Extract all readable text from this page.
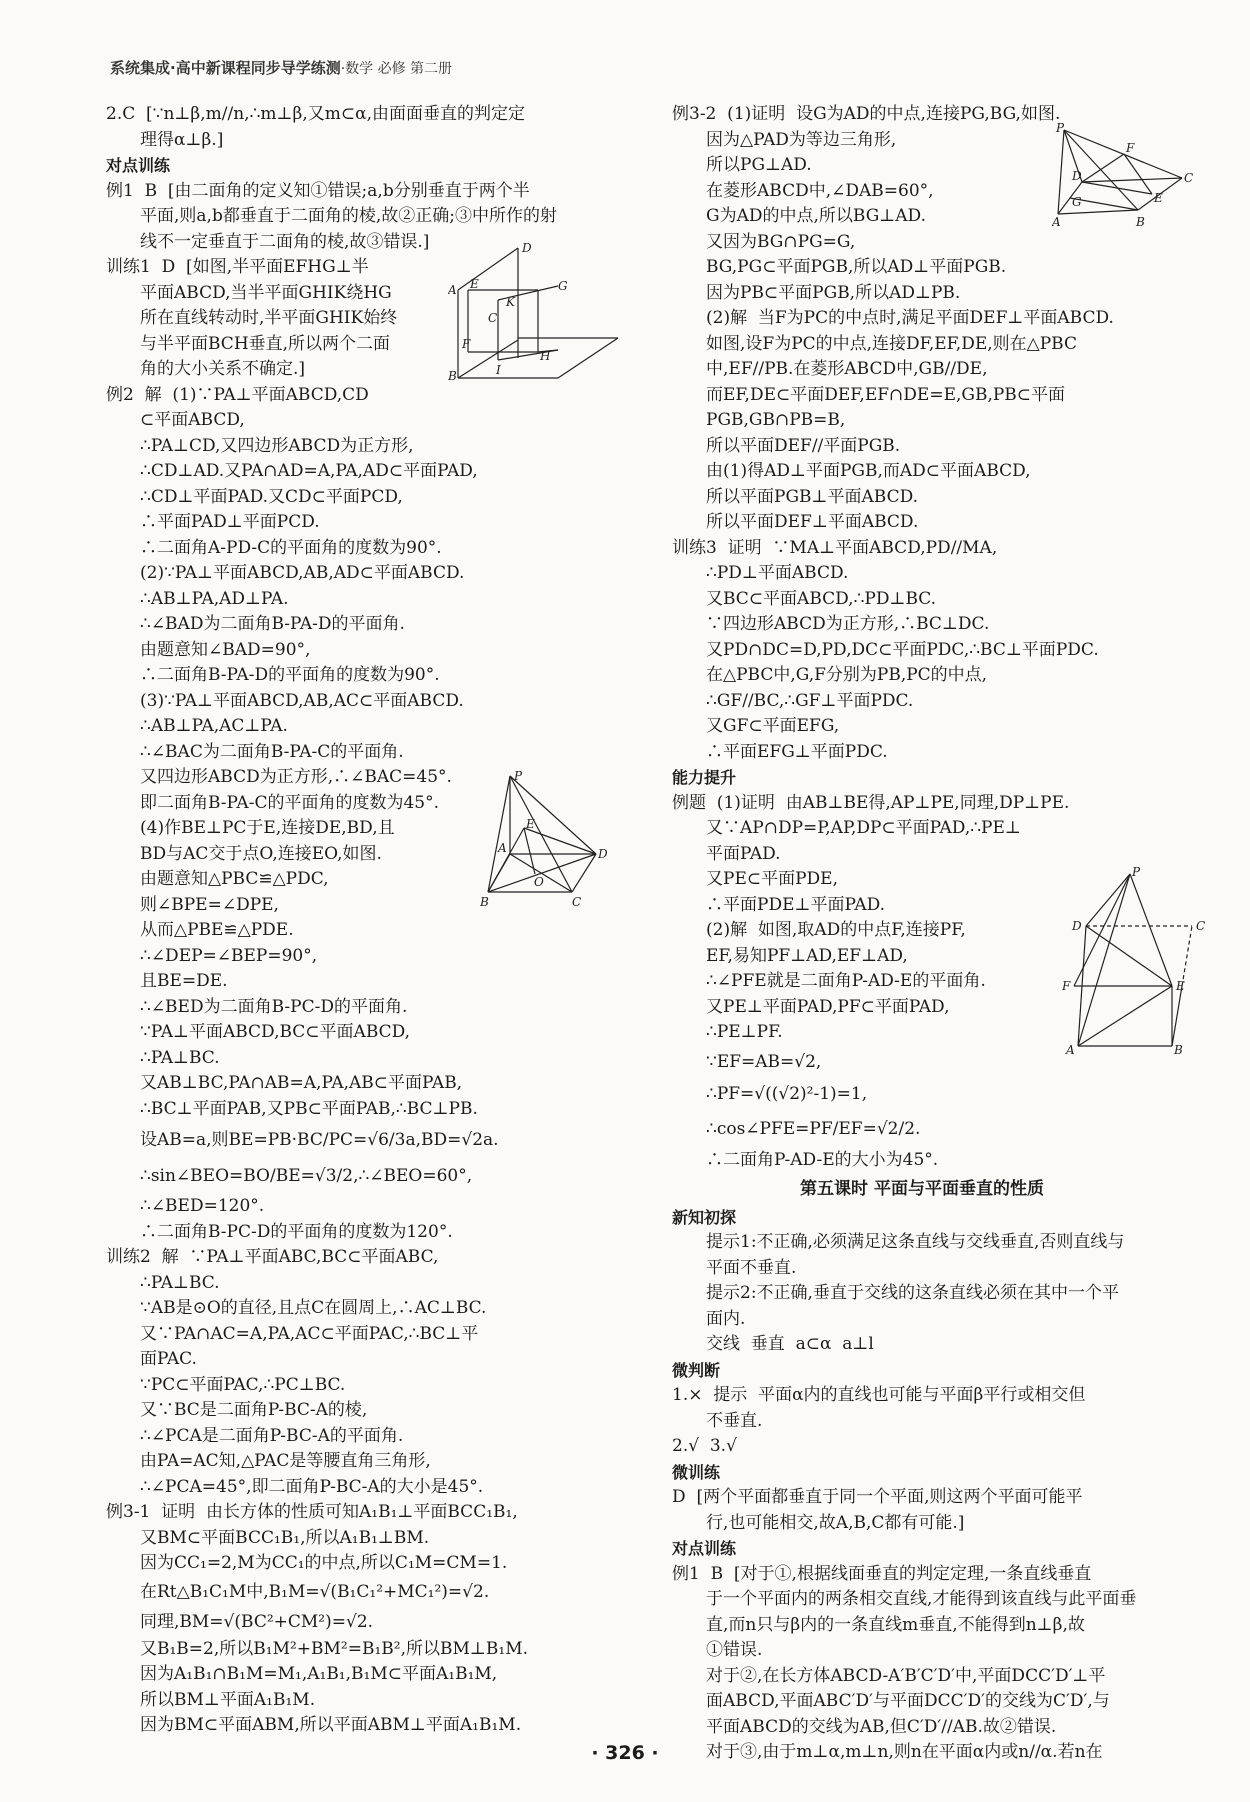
系统集成·高中新课程同步导学练测·数学 必修 第二册

2.C  [∵n⊥β,m//n,∴m⊥β,又m⊂α,由面面垂直的判定定

理得α⊥β.]

对点训练

例1  B  [由二面角的定义知①错误;a,b分别垂直于两个半

平面,则a,b都垂直于二面角的棱,故②正确;③中所作的射

线不一定垂直于二面角的棱,故③错误.]

训练1  D  [如图,半平面EFHG⊥半

平面ABCD,当半平面GHIK绕HG

所在直线转动时,半平面GHIK始终

与半平面BCH垂直,所以两个二面

角的大小关系不确定.]

例2  解  (1)∵PA⊥平面ABCD,CD

⊂平面ABCD,

∴PA⊥CD,又四边形ABCD为正方形,

∴CD⊥AD.又PA∩AD=A,PA,AD⊂平面PAD,

∴CD⊥平面PAD.又CD⊂平面PCD,

∴平面PAD⊥平面PCD.

∴二面角A-PD-C的平面角的度数为90°.

(2)∵PA⊥平面ABCD,AB,AD⊂平面ABCD.

∴AB⊥PA,AD⊥PA.

∴∠BAD为二面角B-PA-D的平面角.

由题意知∠BAD=90°,

∴二面角B-PA-D的平面角的度数为90°.

(3)∵PA⊥平面ABCD,AB,AC⊂平面ABCD.

∴AB⊥PA,AC⊥PA.

∴∠BAC为二面角B-PA-C的平面角.

又四边形ABCD为正方形,∴∠BAC=45°.

即二面角B-PA-C的平面角的度数为45°.

(4)作BE⊥PC于E,连接DE,BD,且

BD与AC交于点O,连接EO,如图.

由题意知△PBC≌△PDC,

则∠BPE=∠DPE,

从而△PBE≌△PDE.

∴∠DEP=∠BEP=90°,

且BE=DE.

∴∠BED为二面角B-PC-D的平面角.

∵PA⊥平面ABCD,BC⊂平面ABCD,

∴PA⊥BC.

又AB⊥BC,PA∩AB=A,PA,AB⊂平面PAB,

∴BC⊥平面PAB,又PB⊂平面PAB,∴BC⊥PB.

设AB=a,则BE=PB·BC/PC=√6/3a,BD=√2a.

∴sin∠BEO=BO/BE=√3/2,∴∠BEO=60°,

∴∠BED=120°.

∴二面角B-PC-D的平面角的度数为120°.

训练2  解  ∵PA⊥平面ABC,BC⊂平面ABC,

∴PA⊥BC.

∵AB是⊙O的直径,且点C在圆周上,∴AC⊥BC.

又∵PA∩AC=A,PA,AC⊂平面PAC,∴BC⊥平

面PAC.

∵PC⊂平面PAC,∴PC⊥BC.

又∵BC是二面角P-BC-A的棱,

∴∠PCA是二面角P-BC-A的平面角.

由PA=AC知,△PAC是等腰直角三角形,

∴∠PCA=45°,即二面角P-BC-A的大小是45°.

例3-1  证明  由长方体的性质可知A₁B₁⊥平面BCC₁B₁,

又BM⊂平面BCC₁B₁,所以A₁B₁⊥BM.

因为CC₁=2,M为CC₁的中点,所以C₁M=CM=1.

在Rt△B₁C₁M中,B₁M=√(B₁C₁²+MC₁²)=√2.

同理,BM=√(BC²+CM²)=√2.

又B₁B=2,所以B₁M²+BM²=B₁B²,所以BM⊥B₁M.

因为A₁B₁∩B₁M=M₁,A₁B₁,B₁M⊂平面A₁B₁M,

所以BM⊥平面A₁B₁M.

因为BM⊂平面ABM,所以平面ABM⊥平面A₁B₁M.

例3-2  (1)证明  设G为AD的中点,连接PG,BG,如图.

因为△PAD为等边三角形,

所以PG⊥AD.

在菱形ABCD中,∠DAB=60°,

G为AD的中点,所以BG⊥AD.

又因为BG∩PG=G,

BG,PG⊂平面PGB,所以AD⊥平面PGB.

因为PB⊂平面PGB,所以AD⊥PB.

(2)解  当F为PC的中点时,满足平面DEF⊥平面ABCD.

如图,设F为PC的中点,连接DF,EF,DE,则在△PBC

中,EF//PB.在菱形ABCD中,GB//DE,

而EF,DE⊂平面DEF,EF∩DE=E,GB,PB⊂平面

PGB,GB∩PB=B,

所以平面DEF//平面PGB.

由(1)得AD⊥平面PGB,而AD⊂平面ABCD,

所以平面PGB⊥平面ABCD.

所以平面DEF⊥平面ABCD.

训练3  证明  ∵MA⊥平面ABCD,PD//MA,

∴PD⊥平面ABCD.

又BC⊂平面ABCD,∴PD⊥BC.

∵四边形ABCD为正方形,∴BC⊥DC.

又PD∩DC=D,PD,DC⊂平面PDC,∴BC⊥平面PDC.

在△PBC中,G,F分别为PB,PC的中点,

∴GF//BC,∴GF⊥平面PDC.

又GF⊂平面EFG,

∴平面EFG⊥平面PDC.

能力提升

例题  (1)证明  由AB⊥BE得,AP⊥PE,同理,DP⊥PE.

又∵AP∩DP=P,AP,DP⊂平面PAD,∴PE⊥

平面PAD.

又PE⊂平面PDE,

∴平面PDE⊥平面PAD.

(2)解  如图,取AD的中点F,连接PF,

EF,易知PF⊥AD,EF⊥AD,

∴∠PFE就是二面角P-AD-E的平面角.

又PE⊥平面PAD,PF⊂平面PAD,

∴PE⊥PF.

∵EF=AB=√2,

∴PF=√((√2)²-1)=1,

∴cos∠PFE=PF/EF=√2/2.

∴二面角P-AD-E的大小为45°.

第五课时 平面与平面垂直的性质

新知初探

提示1:不正确,必须满足这条直线与交线垂直,否则直线与

平面不垂直.

提示2:不正确,垂直于交线的这条直线必须在其中一个平

面内.

交线  垂直  a⊂α  a⊥l

微判断

1.×  提示  平面α内的直线也可能与平面β平行或相交但

不垂直.

2.√  3.√

微训练

D  [两个平面都垂直于同一个平面,则这两个平面可能平

行,也可能相交,故A,B,C都有可能.]

对点训练

例1  B  [对于①,根据线面垂直的判定定理,一条直线垂直

于一个平面内的两条相交直线,才能得到该直线与此平面垂

直,而n只与β内的一条直线m垂直,不能得到n⊥β,故

①错误.

对于②,在长方体ABCD-A′B′C′D′中,平面DCC′D′⊥平

面ABCD,平面ABC′D′与平面DCC′D′的交线为C′D′,与

平面ABCD的交线为AB,但C′D′//AB.故②错误.

对于③,由于m⊥α,m⊥n,则n在平面α内或n//α.若n在

D
A E	G
K
C
F
H
I
B
P
A
E
D
O
B	C
P
F
D	C
G	E
A	B
P
D	C
F	E
A	B
· 326 ·
